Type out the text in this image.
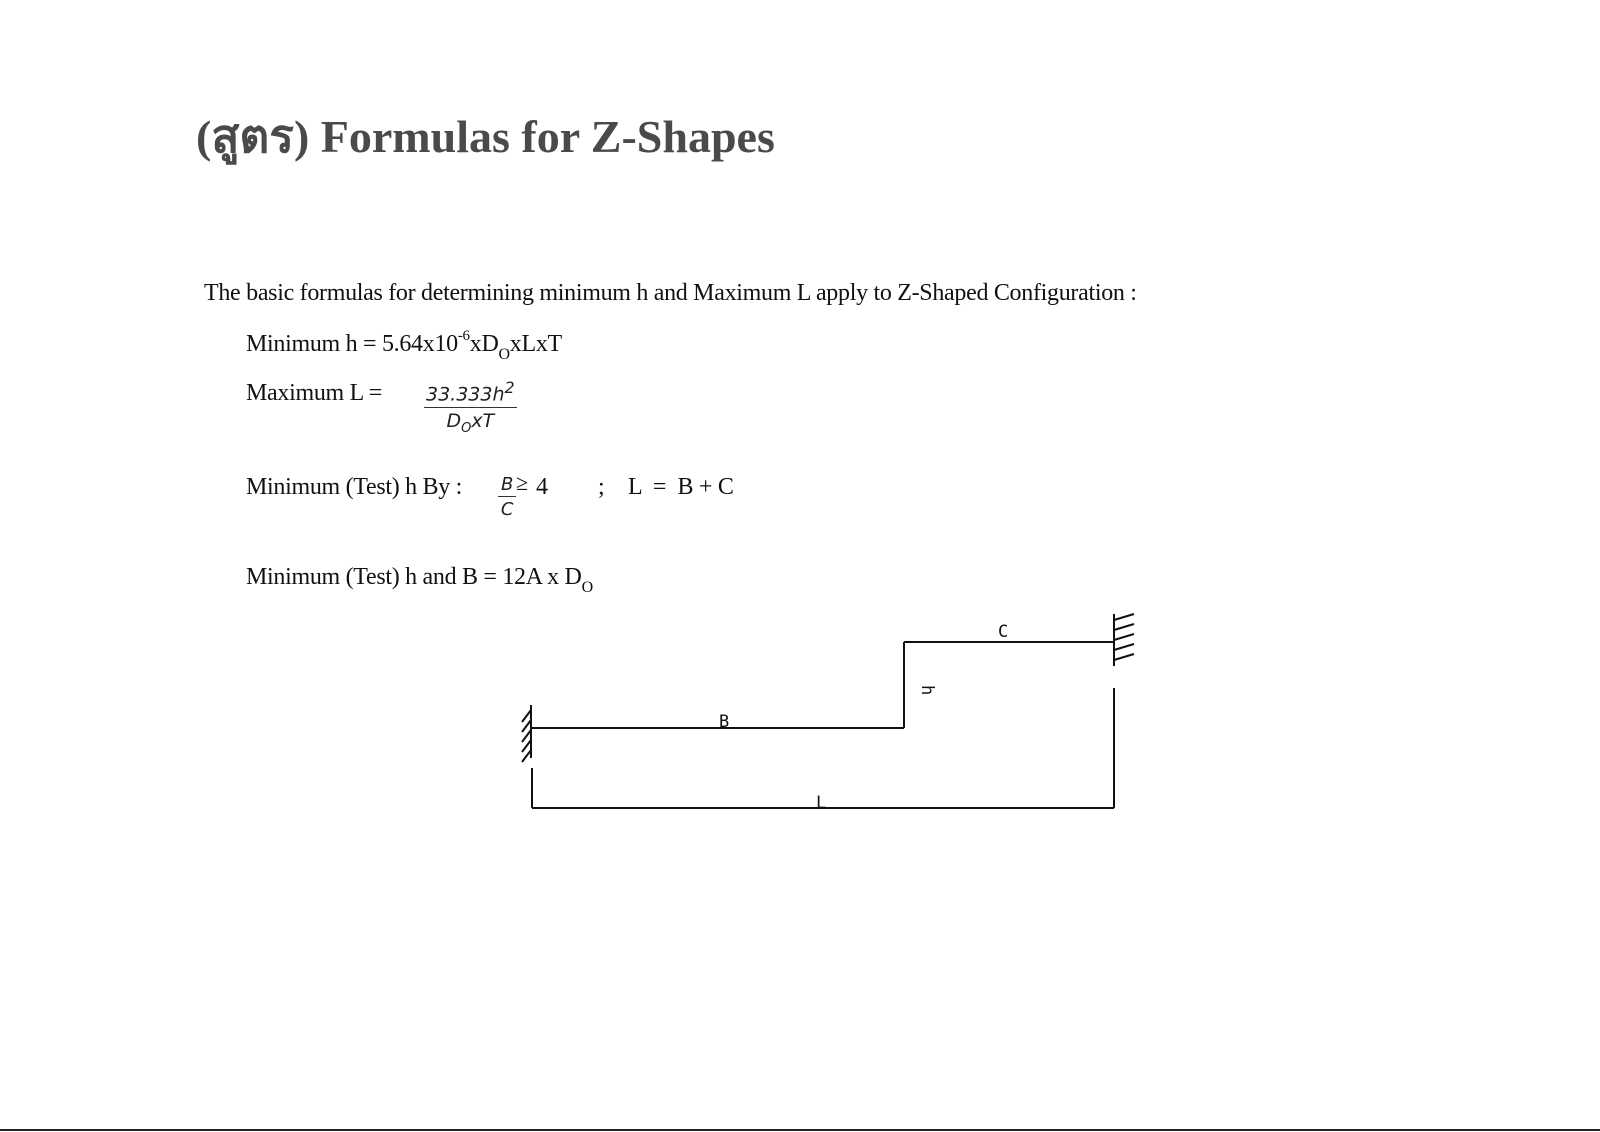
(สูตร) Formulas for Z-Shapes
The basic formulas for determining minimum h and Maximum L apply to Z-Shaped Configuration :
Minimum $h = 5.64x10^{-6}xD_OxLxT$
Maximum $L = 33.333h^2$
$D_OxT$
Minimum (Test) h By : $\frac{B}{C} \ge 4$ ; L  =  B + C
Minimum (Test) h and B = 12A x $D_O$
B
C
h
L
